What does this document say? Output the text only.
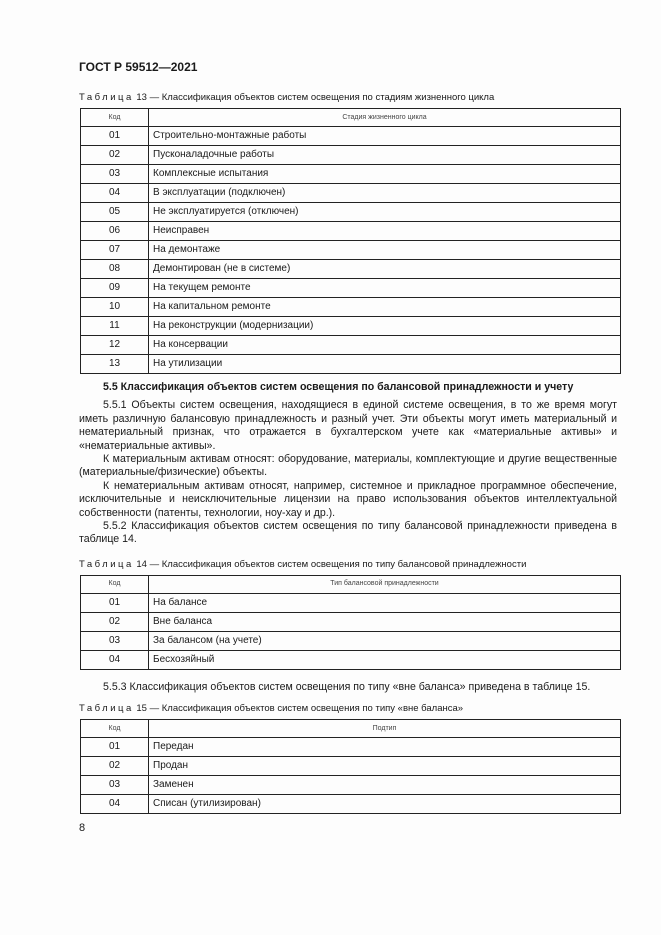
ГОСТ Р 59512—2021
Таблица 13 — Классификация объектов систем освещения по стадиям жизненного цикла
Код	Стадия жизненного цикла
01	Строительно-монтажные работы
02	Пусконаладочные работы
03	Комплексные испытания
04	В эксплуатации (подключен)
05	Не эксплуатируется (отключен)
06	Неисправен
07	На демонтаже
08	Демонтирован (не в системе)
09	На текущем ремонте
10	На капитальном ремонте
11	На реконструкции (модернизации)
12	На консервации
13	На утилизации

5.5 Классификация объектов систем освещения по балансовой принадлежности и учету

5.5.1 Объекты систем освещения, находящиеся в единой системе освещения, в то же время могут иметь различную балансовую принадлежность и разный учет. Эти объекты могут иметь материальный и нематериальный признак, что отражается в бухгалтерском учете как «материальные активы» и «нематериальные активы».

К материальным активам относят: оборудование, материалы, комплектующие и другие вещественные (материальные/физические) объекты.

К нематериальным активам относят, например, системное и прикладное программное обеспечение, исключительные и неисключительные лицензии на право использования объектов интеллектуальной собственности (патенты, технологии, ноу-хау и др.).

5.5.2 Классификация объектов систем освещения по типу балансовой принадлежности приведена в таблице 14.

Таблица 14 — Классификация объектов систем освещения по типу балансовой принадлежности
Код	Тип балансовой принадлежности
01	На балансе
02	Вне баланса
03	За балансом (на учете)
04	Бесхозяйный

5.5.3 Классификация объектов систем освещения по типу «вне баланса» приведена в таблице 15.

Таблица 15 — Классификация объектов систем освещения по типу «вне баланса»
Код	Подтип
01	Передан
02	Продан
03	Заменен
04	Списан (утилизирован)
8
